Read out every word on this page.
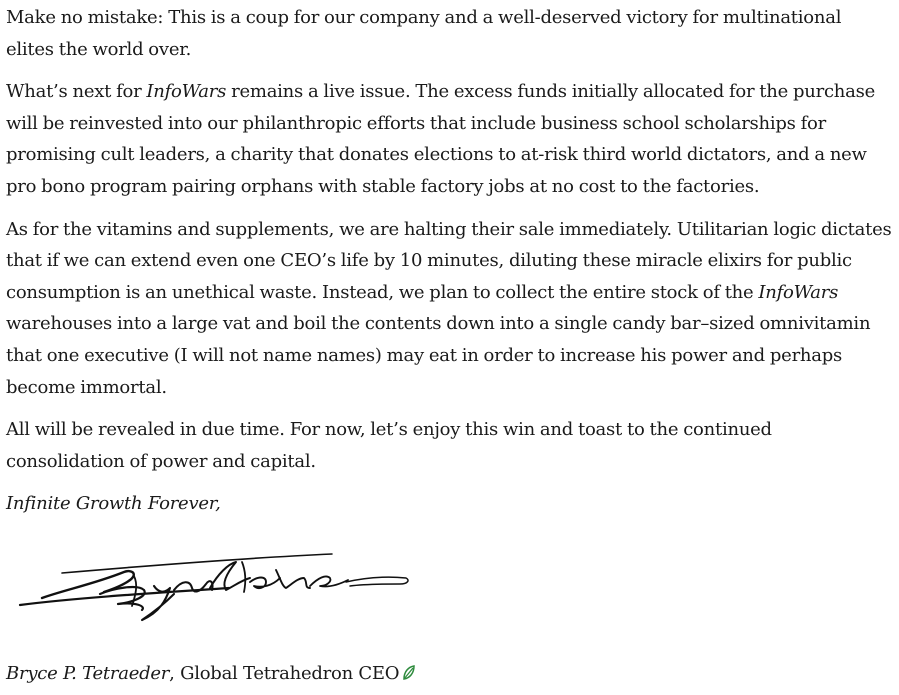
Make no mistake: This is a coup for our company and a well-deserved victory for multinational elites the world over.

What’s next for InfoWars remains a live issue. The excess funds initially allocated for the purchase will be reinvested into our philanthropic efforts that include business school scholarships for promising cult leaders, a charity that donates elections to at-risk third world dictators, and a new pro bono program pairing orphans with stable factory jobs at no cost to the factories.

As for the vitamins and supplements, we are halting their sale immediately. Utilitarian logic dictates that if we can extend even one CEO’s life by 10 minutes, diluting these miracle elixirs for public consumption is an unethical waste. Instead, we plan to collect the entire stock of the InfoWars warehouses into a large vat and boil the contents down into a single candy bar–sized omnivitamin that one executive (I will not name names) may eat in order to increase his power and perhaps become immortal.

All will be revealed in due time. For now, let’s enjoy this win and toast to the continued consolidation of power and capital.

Infinite Growth Forever,

Bryce P. Tetraeder, Global Tetrahedron CEO
